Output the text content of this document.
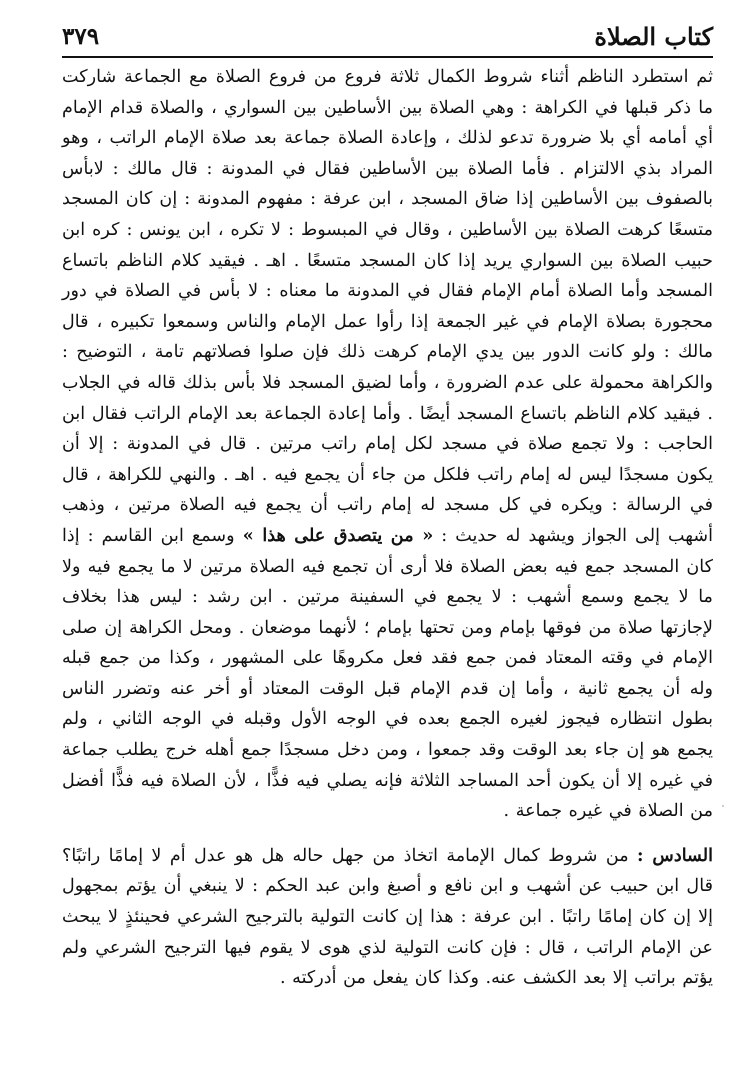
كتاب الصلاة
٣٧٩

ثم استطرد الناظم أثناء شروط الكمال ثلاثة فروع من فروع الصلاة مع الجماعة شاركت ما ذكر قبلها في الكراهة : وهي الصلاة بين الأساطين بين السواري ، والصلاة قدام الإمام أي أمامه أي بلا ضرورة تدعو لذلك ، وإعادة الصلاة جماعة بعد صلاة الإمام الراتب ، وهو المراد بذي الالتزام . فأما الصلاة بين الأساطين فقال في المدونة : قال مالك : لابأس بالصفوف بين الأساطين إذا ضاق المسجد ، ابن عرفة : مفهوم المدونة : إن كان المسجد متسعًا كرهت الصلاة بين الأساطين ، وقال في المبسوط : لا تكره ، ابن يونس : كره ابن حبيب الصلاة بين السواري يريد إذا كان المسجد متسعًا . اهـ . فيقيد كلام الناظم باتساع المسجد وأما الصلاة أمام الإمام فقال في المدونة ما معناه : لا بأس في الصلاة في دور محجورة بصلاة الإمام في غير الجمعة إذا رأوا عمل الإمام والناس وسمعوا تكبيره ، قال مالك : ولو كانت الدور بين يدي الإمام كرهت ذلك فإن صلوا فصلاتهم تامة ، التوضيح : والكراهة محمولة على عدم الضرورة ، وأما لضيق المسجد فلا بأس بذلك قاله في الجلاب . فيقيد كلام الناظم باتساع المسجد أيضًا . وأما إعادة الجماعة بعد الإمام الراتب فقال ابن الحاجب : ولا تجمع صلاة في مسجد لكل إمام راتب مرتين . قال في المدونة : إلا أن يكون مسجدًا ليس له إمام راتب فلكل من جاء أن يجمع فيه . اهـ . والنهي للكراهة ، قال في الرسالة : ويكره في كل مسجد له إمام راتب أن يجمع فيه الصلاة مرتين ، وذهب أشهب إلى الجواز ويشهد له حديث : « من يتصدق على هذا » وسمع ابن القاسم : إذا كان المسجد جمع فيه بعض الصلاة فلا أرى أن تجمع فيه الصلاة مرتين لا ما يجمع فيه ولا ما لا يجمع وسمع أشهب : لا يجمع في السفينة مرتين . ابن رشد : ليس هذا بخلاف لإجازتها صلاة من فوقها بإمام ومن تحتها بإمام ؛ لأنهما موضعان . ومحل الكراهة إن صلى الإمام في وقته المعتاد فمن جمع فقد فعل مكروهًا على المشهور ، وكذا من جمع قبله وله أن يجمع ثانية ، وأما إن قدم الإمام قبل الوقت المعتاد أو أخر عنه وتضرر الناس بطول انتظاره فيجوز لغيره الجمع بعده في الوجه الأول وقبله في الوجه الثاني ، ولم يجمع هو إن جاء بعد الوقت وقد جمعوا ، ومن دخل مسجدًا جمع أهله خرج يطلب جماعة في غيره إلا أن يكون أحد المساجد الثلاثة فإنه يصلي فيه فذًّا ، لأن الصلاة فيه فذًّا أفضل من الصلاة في غيره جماعة .

السادس : من شروط كمال الإمامة اتخاذ من جهل حاله هل هو عدل أم لا إمامًا راتبًا؟ قال ابن حبيب عن أشهب و ابن نافع و أصبغ وابن عبد الحكم : لا ينبغي أن يؤتم بمجهول إلا إن كان إمامًا راتبًا . ابن عرفة : هذا إن كانت التولية بالترجيح الشرعي فحينئذٍ لا يبحث عن الإمام الراتب ، قال : فإن كانت التولية لذي هوى لا يقوم فيها الترجيح الشرعي ولم يؤتم براتب إلا بعد الكشف عنه. وكذا كان يفعل من أدركته .
